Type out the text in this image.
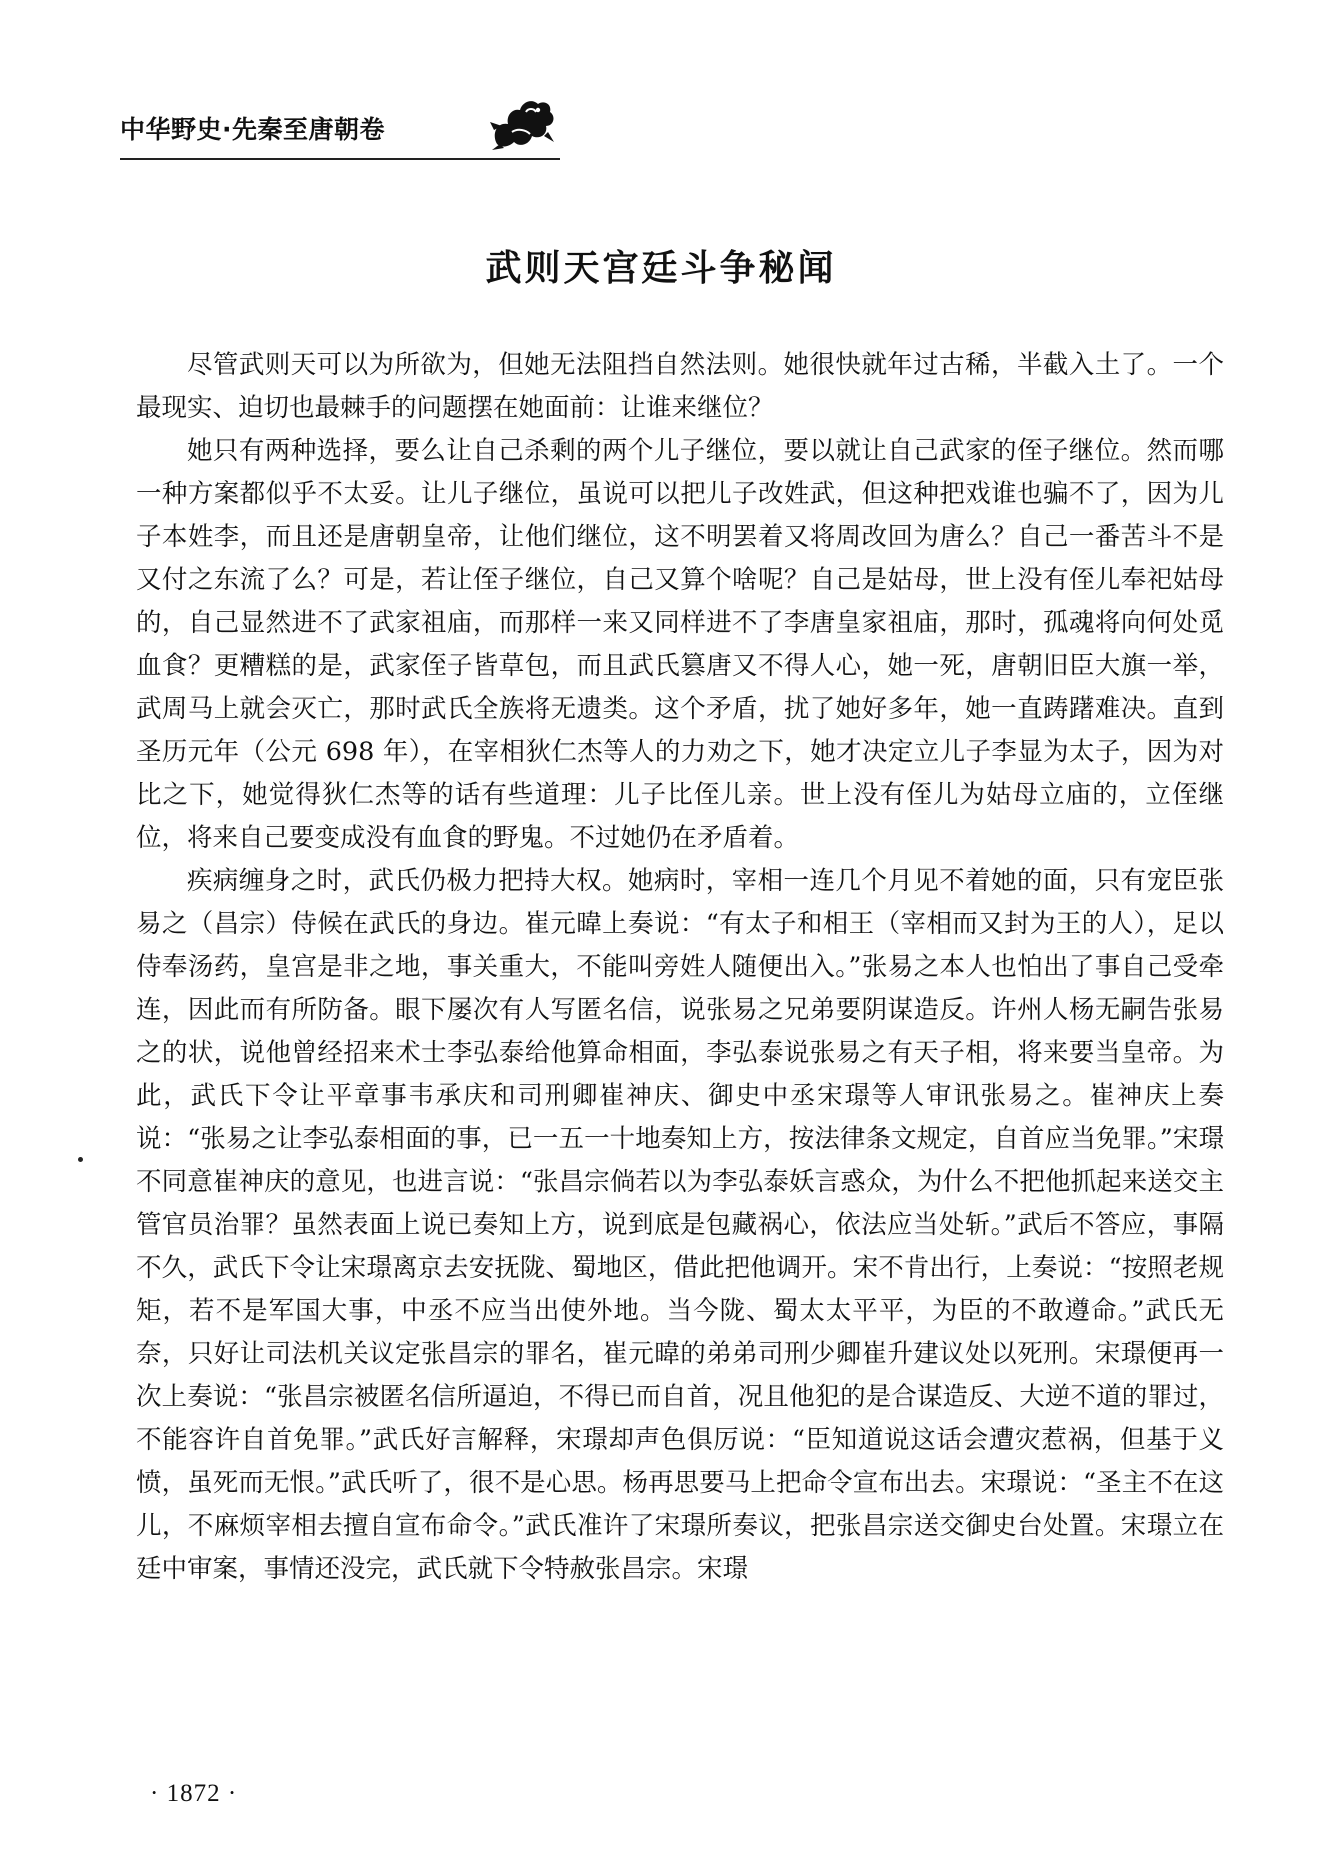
中华野史·先秦至唐朝卷
武则天宫廷斗争秘闻

尽管武则天可以为所欲为，但她无法阻挡自然法则。她很快就年过古稀，半截入土了。一个最现实、迫切也最棘手的问题摆在她面前：让谁来继位？

她只有两种选择，要么让自己杀剩的两个儿子继位，要以就让自己武家的侄子继位。然而哪一种方案都似乎不太妥。让儿子继位，虽说可以把儿子改姓武，但这种把戏谁也骗不了，因为儿子本姓李，而且还是唐朝皇帝，让他们继位，这不明罢着又将周改回为唐么？自己一番苦斗不是又付之东流了么？可是，若让侄子继位，自己又算个啥呢？自己是姑母，世上没有侄儿奉祀姑母的，自己显然进不了武家祖庙，而那样一来又同样进不了李唐皇家祖庙，那时，孤魂将向何处觅血食？更糟糕的是，武家侄子皆草包，而且武氏篡唐又不得人心，她一死，唐朝旧臣大旗一举，武周马上就会灭亡，那时武氏全族将无遗类。这个矛盾，扰了她好多年，她一直踌躇难决。直到圣历元年（公元 698 年），在宰相狄仁杰等人的力劝之下，她才决定立儿子李显为太子，因为对比之下，她觉得狄仁杰等的话有些道理：儿子比侄儿亲。世上没有侄儿为姑母立庙的，立侄继位，将来自己要变成没有血食的野鬼。不过她仍在矛盾着。

疾病缠身之时，武氏仍极力把持大权。她病时，宰相一连几个月见不着她的面，只有宠臣张易之（昌宗）侍候在武氏的身边。崔元暐上奏说：“有太子和相王（宰相而又封为王的人），足以侍奉汤药，皇宫是非之地，事关重大，不能叫旁姓人随便出入。”张易之本人也怕出了事自己受牵连，因此而有所防备。眼下屡次有人写匿名信，说张易之兄弟要阴谋造反。许州人杨无嗣告张易之的状，说他曾经招来术士李弘泰给他算命相面，李弘泰说张易之有天子相，将来要当皇帝。为此，武氏下令让平章事韦承庆和司刑卿崔神庆、御史中丞宋璟等人审讯张易之。崔神庆上奏说：“张易之让李弘泰相面的事，已一五一十地奏知上方，按法律条文规定，自首应当免罪。”宋璟不同意崔神庆的意见，也进言说：“张昌宗倘若以为李弘泰妖言惑众，为什么不把他抓起来送交主管官员治罪？虽然表面上说已奏知上方，说到底是包藏祸心，依法应当处斩。”武后不答应，事隔不久，武氏下令让宋璟离京去安抚陇、蜀地区，借此把他调开。宋不肯出行，上奏说：“按照老规矩，若不是军国大事，中丞不应当出使外地。当今陇、蜀太太平平，为臣的不敢遵命。”武氏无奈，只好让司法机关议定张昌宗的罪名，崔元暐的弟弟司刑少卿崔升建议处以死刑。宋璟便再一次上奏说：“张昌宗被匿名信所逼迫，不得已而自首，况且他犯的是合谋造反、大逆不道的罪过，不能容许自首免罪。”武氏好言解释，宋璟却声色俱厉说：“臣知道说这话会遭灾惹祸，但基于义愤，虽死而无恨。”武氏听了，很不是心思。杨再思要马上把命令宣布出去。宋璟说：“圣主不在这儿，不麻烦宰相去擅自宣布命令。”武氏准许了宋璟所奏议，把张昌宗送交御史台处置。宋璟立在廷中审案，事情还没完，武氏就下令特赦张昌宗。宋璟

· 1872 ·
